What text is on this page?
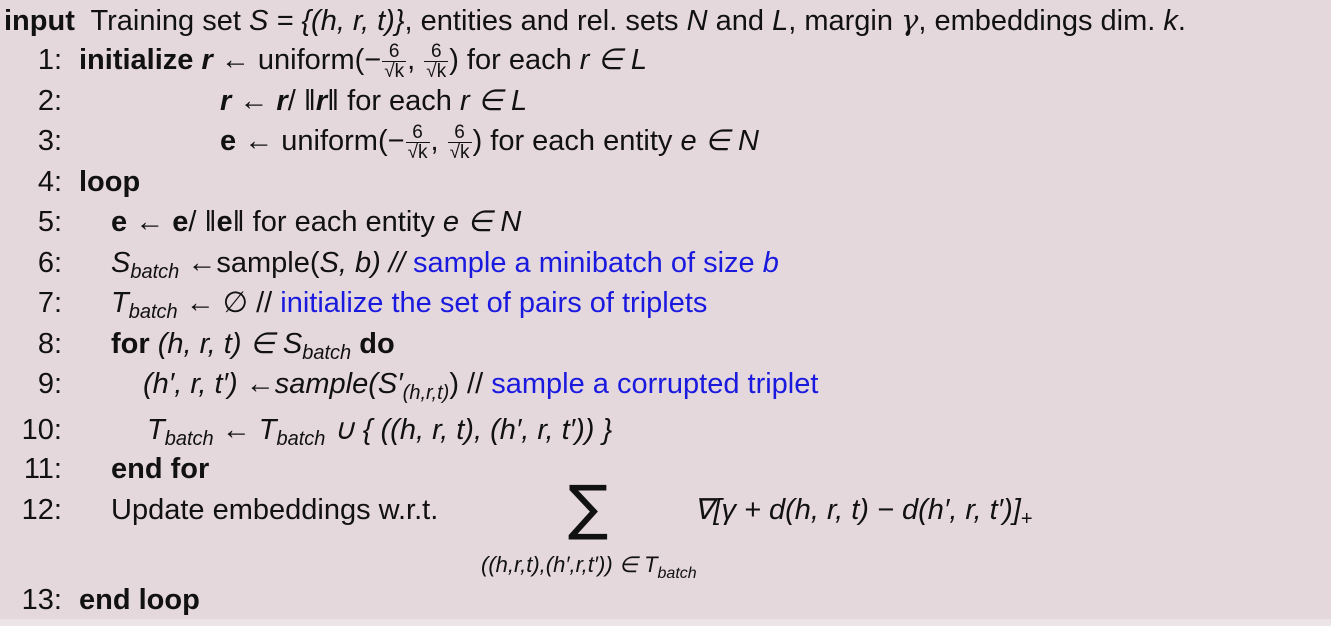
input Training set S = {(h, r, t)}, entities and rel. sets N and L, margin γ, embeddings dim. k.
1: initialize r ← uniform(− $\frac{6}{√k}$ , $\frac{6}{√k}$ ) for each r ∈ L
2:	r ← r/ ‖r‖ for each r ∈ L
3:	e ← uniform(− $\frac{6}{√k}$ , $\frac{6}{√k}$ ) for each entity e ∈ N
4: loop
5: e ← e/ ‖e‖ for each entity e ∈ N
6: $S_{batch}$ ←sample(S, b) // sample a minibatch of size b
7: $T_{batch}$ ← ∅ // initialize the set of pairs of triplets
8: for (h, r, t) ∈ $S_{batch}$ do
9:	(h′, r, t′) $\leftarrow sample(S'_{(h,r,t)})$ // sample a corrupted triplet
10:	$T_{batch}$ ← $T_{batch}$ ∪ { ((h, r, t), (h′, r, t′)) }
11: end for
12: Update embeddings w.r.t.	∇[γ + d(h, r, t) − d(h′, r, $t')]_+$
∑
((h,r,t),(h′,r,t′)) ∈ $T_{batch}$
13: end loop
